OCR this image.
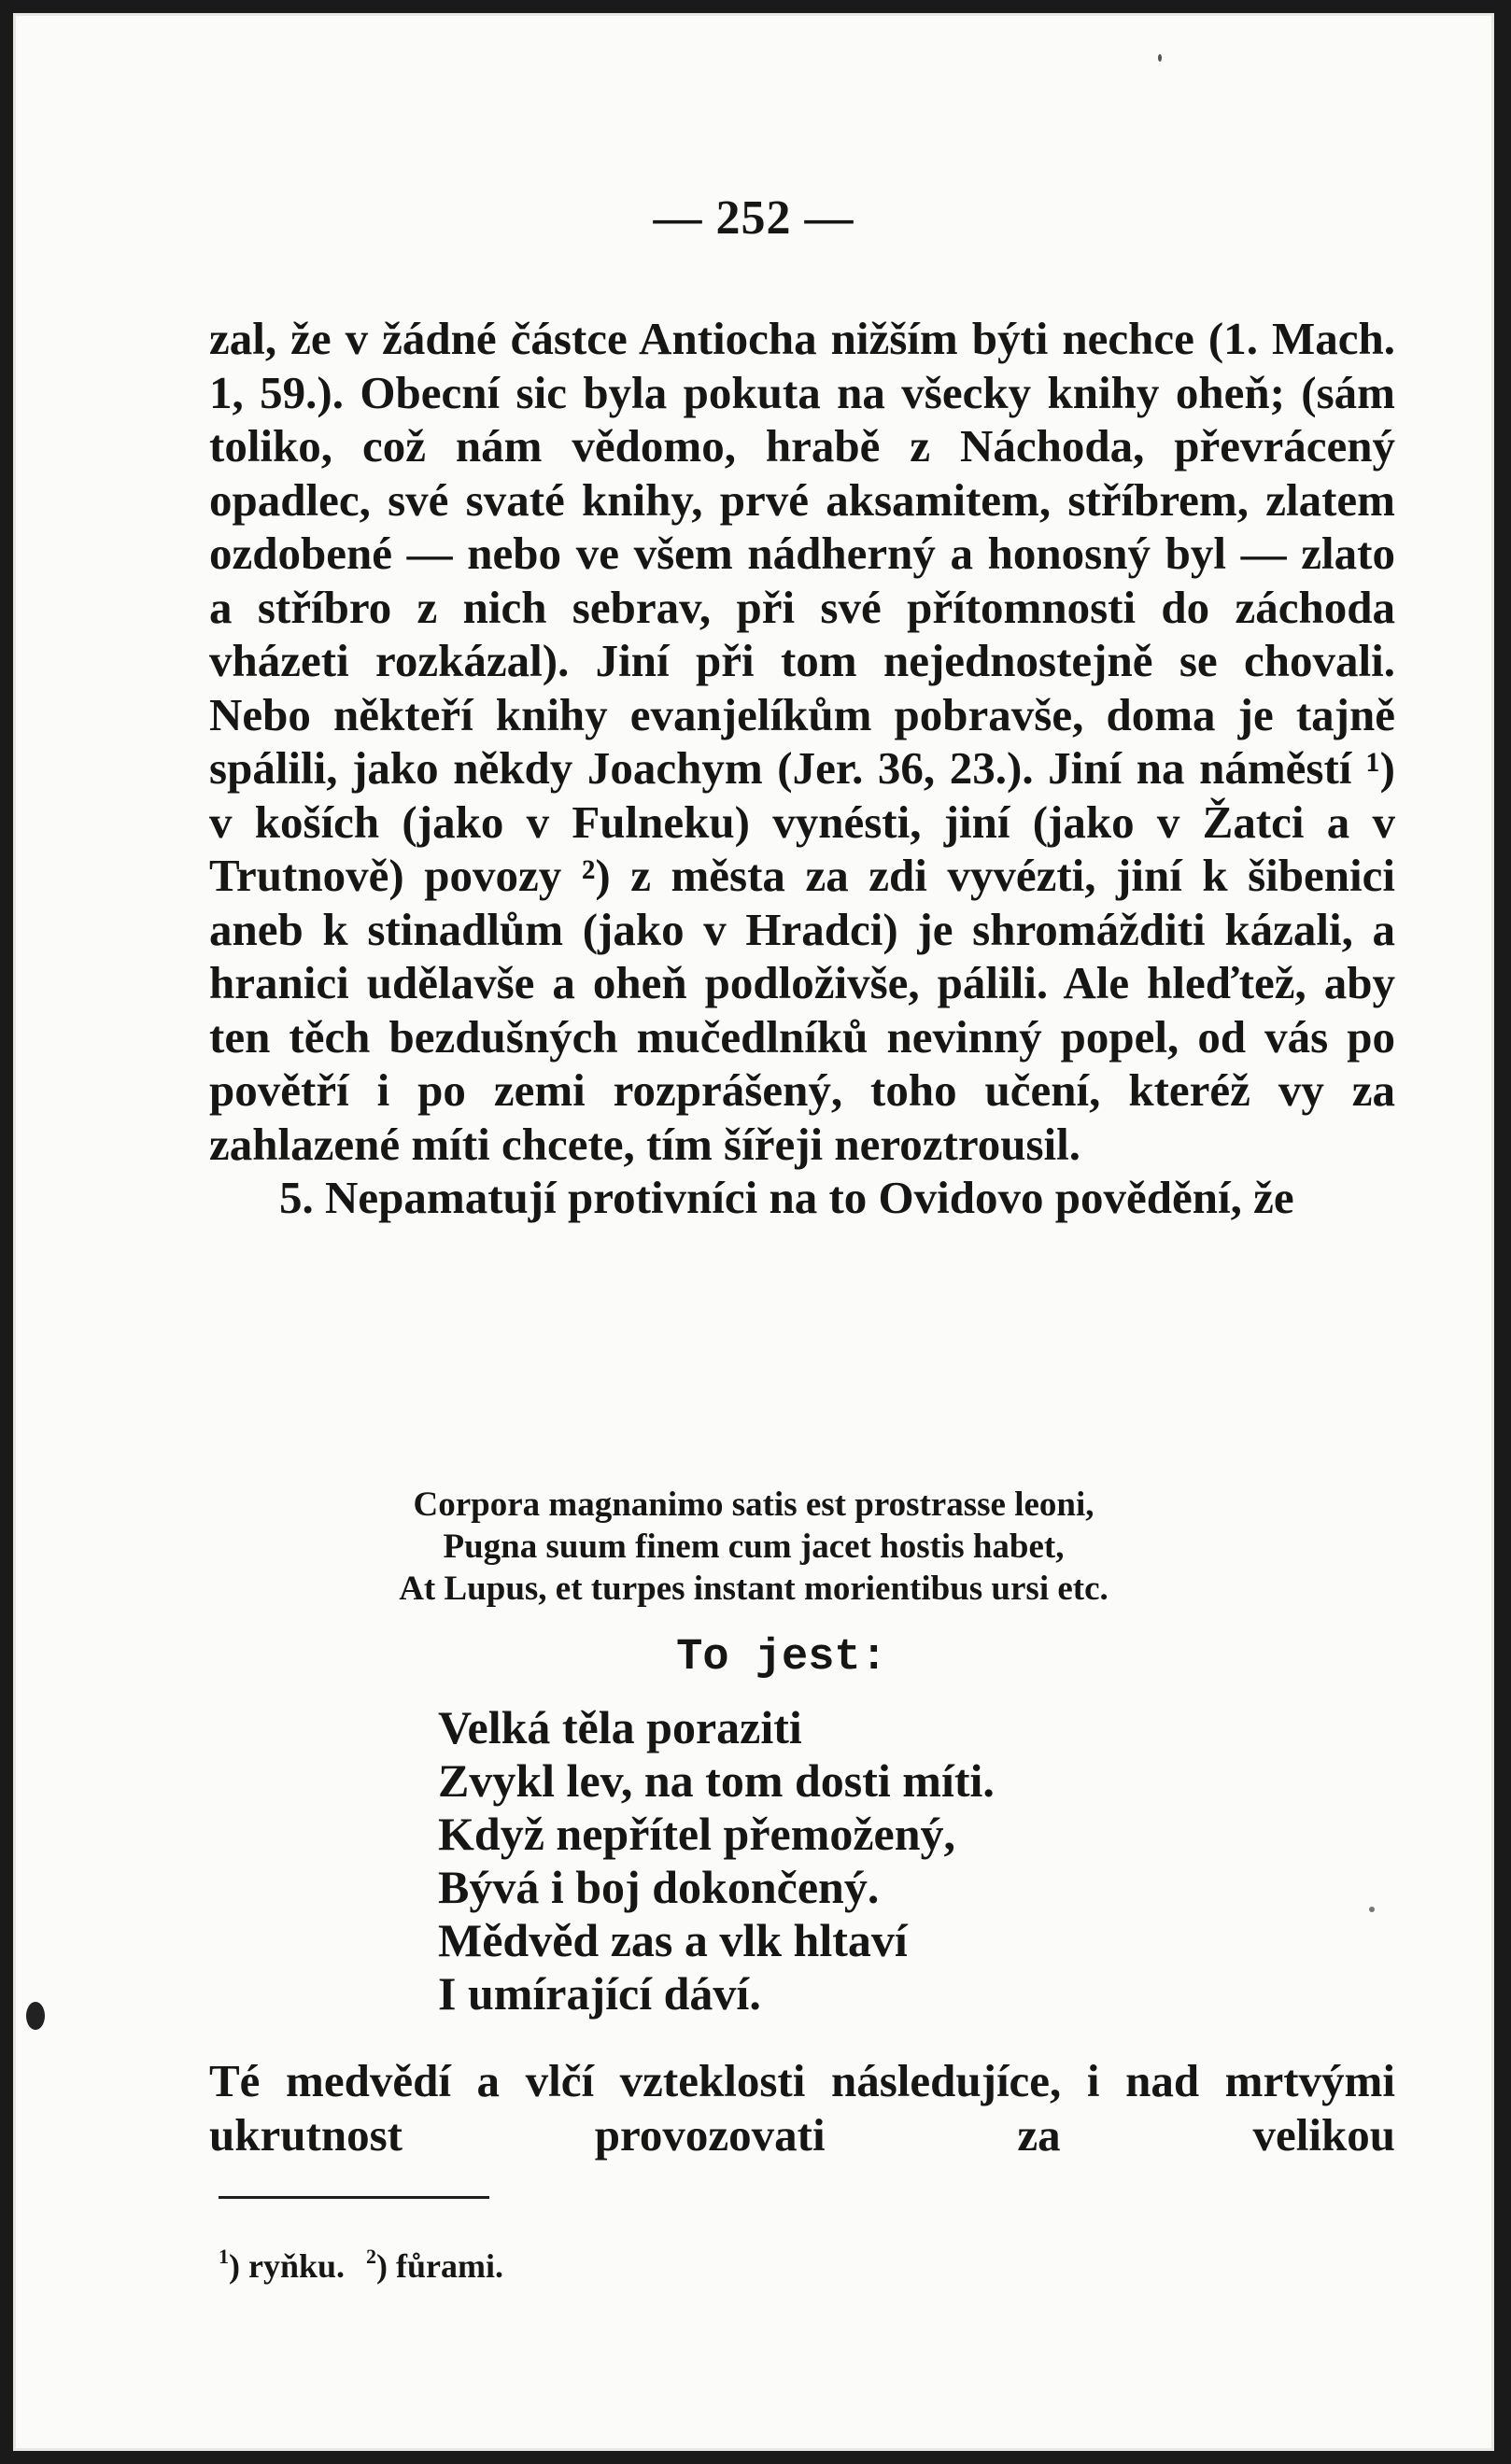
— 252 —

zal, že v žádné částce Antiocha nižším býti nechce (1. Mach. 1, 59.). Obecní sic byla pokuta na všecky knihy oheň; (sám toliko, což nám vědomo, hrabě z Náchoda, převrácený opadlec, své svaté knihy, prvé aksamitem, stříbrem, zlatem ozdobené — nebo ve všem nádherný a honosný byl — zlato a stříbro z nich sebrav, při své přítomnosti do záchoda vházeti rozkázal). Jiní při tom nejednostejně se chovali. Nebo někteří knihy evanjelíkům pobravše, doma je tajně spálili, jako někdy Joachym (Jer. 36, 23.). Jiní na náměstí ¹) v koších (jako v Fulneku) vynésti, jiní (jako v Žatci a v Trutnově) povozy ²) z města za zdi vyvézti, jiní k šibenici aneb k stinadlům (jako v Hradci) je shromážditi kázali, a hranici udělavše a oheň podloživše, pálili. Ale hleďtež, aby ten těch bezdušných mučedlníků nevinný popel, od vás po povětří i po zemi rozprášený, toho učení, kteréž vy za zahlazené míti chcete, tím šířeji neroztrousil.

5. Nepamatují protivníci na to Ovidovo povědění, že

Corpora magnanimo satis est prostrasse leoni,
Pugna suum finem cum jacet hostis habet,
At Lupus, et turpes instant morientibus ursi etc.
To jest:
Velká těla poraziti
Zvykl lev, na tom dosti míti.
Když nepřítel přemožený,
Bývá i boj dokončený.
Mědvěd zas a vlk hltaví
I umírající dáví.
Té medvědí a vlčí vzteklosti následujíce, i nad mrtvými ukrutnost provozovati za velikou
$^1$) ryňku. $^2$) fůrami.
